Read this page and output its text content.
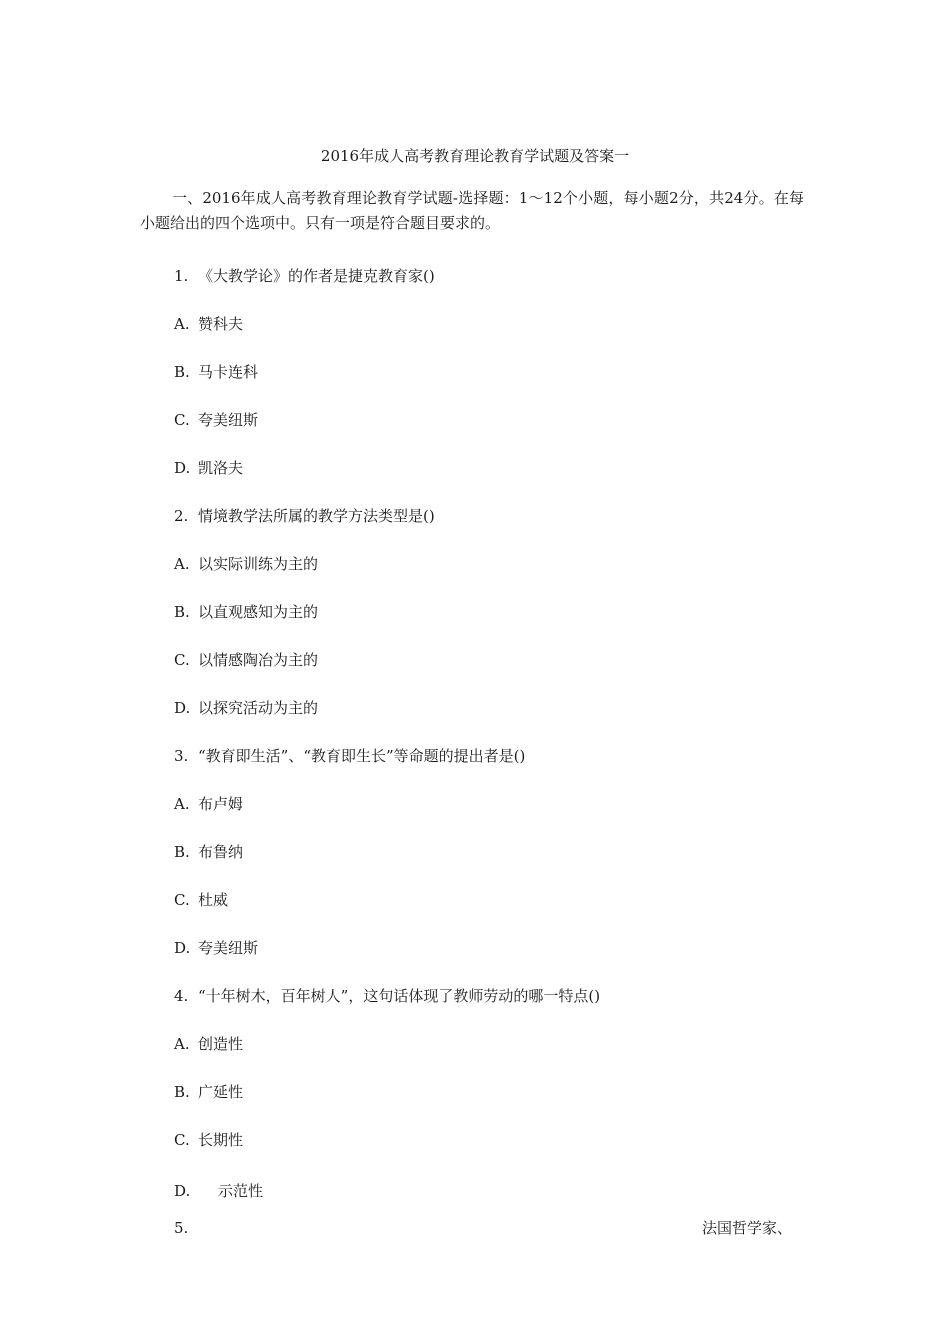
2016年成人高考教育理论教育学试题及答案一
一、2016年成人高考教育理论教育学试题-选择题：1～12个小题，每小题2分，共24分。在每小题给出的四个选项中。只有一项是符合题目要求的。
1. 《大教学论》的作者是捷克教育家()
A. 赞科夫
B. 马卡连科
C. 夸美纽斯
D. 凯洛夫
2. 情境教学法所属的教学方法类型是()
A. 以实际训练为主的
B. 以直观感知为主的
C. 以情感陶冶为主的
D. 以探究活动为主的
3. “教育即生活”、“教育即生长”等命题的提出者是()
A. 布卢姆
B. 布鲁纳
C. 杜威
D. 夸美纽斯
4. “十年树木，百年树人”，这句话体现了教师劳动的哪一特点()
A. 创造性
B. 广延性
C. 长期性
D. 示范性
5.	法国哲学家、
